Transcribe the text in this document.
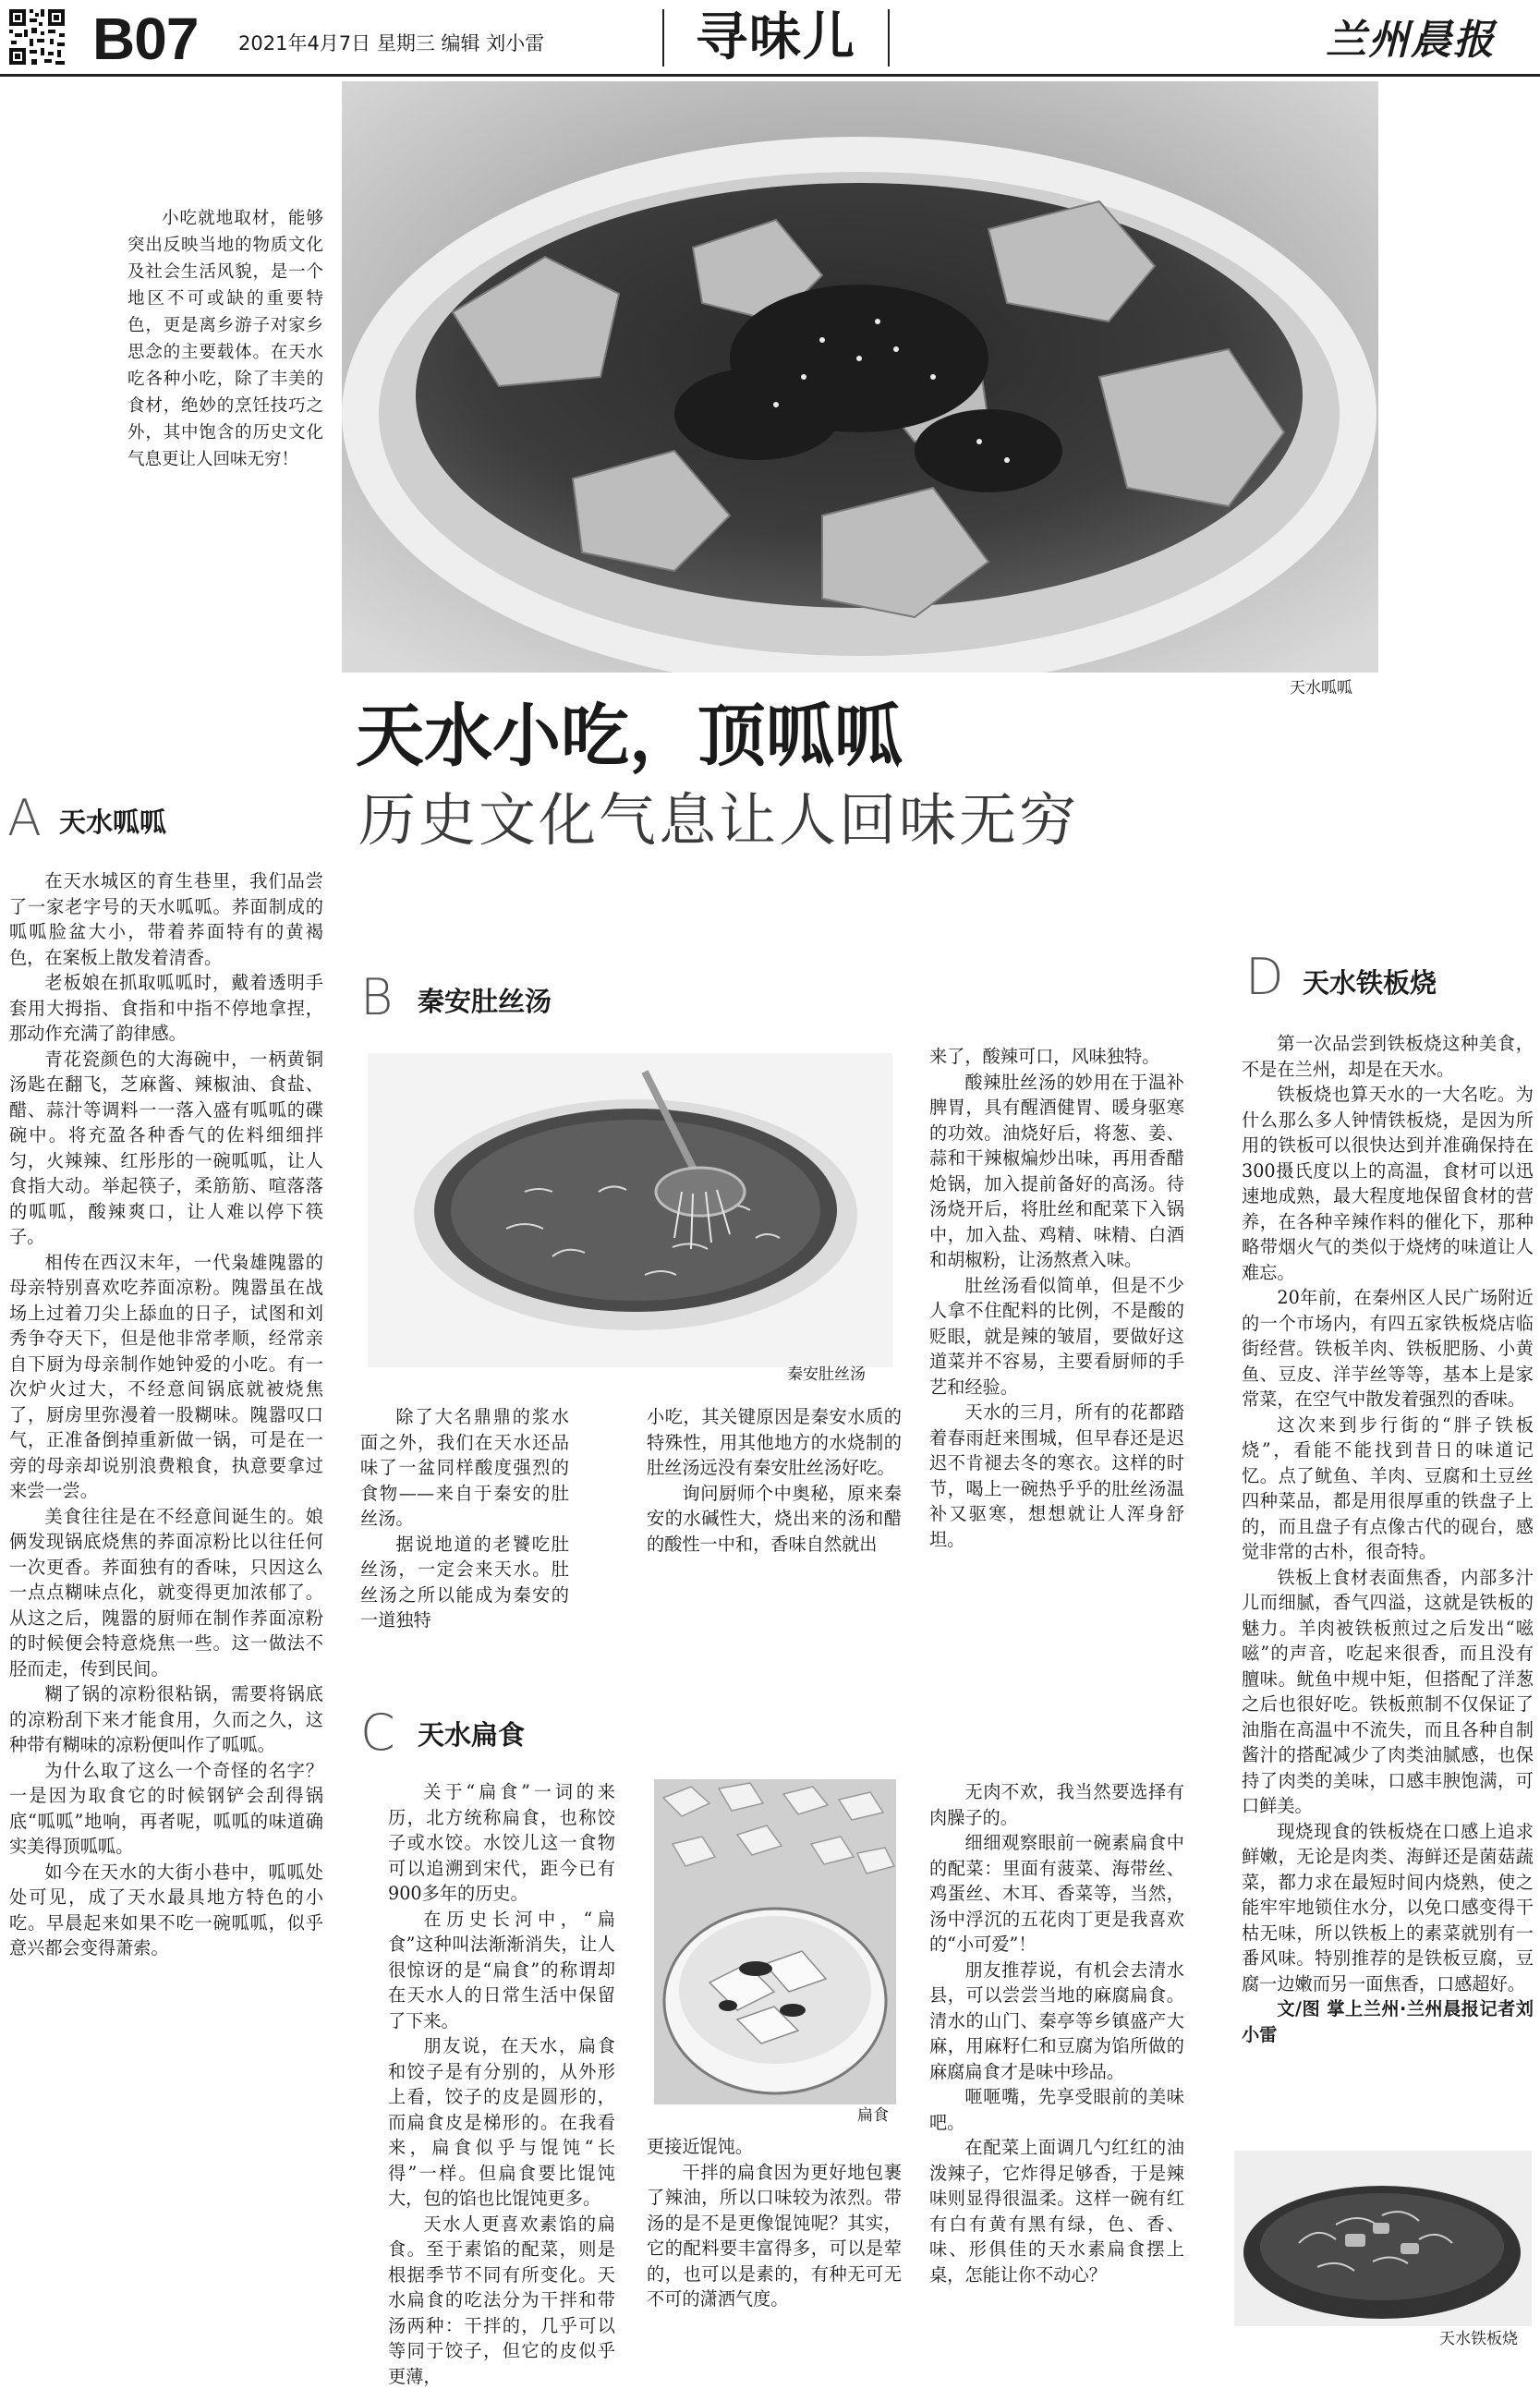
B07 2021年4月7日 星期三 编辑 刘小雷	寻味儿	兰州晨报

小吃就地取材，能够突出反映当地的物质文化及社会生活风貌，是一个地区不可或缺的重要特色，更是离乡游子对家乡思念的主要载体。在天水吃各种小吃，除了丰美的食材，绝妙的烹饪技巧之外，其中饱含的历史文化气息更让人回味无穷！

天水呱呱
天水小吃，顶呱呱
历史文化气息让人回味无穷
A 天水呱呱

在天水城区的育生巷里，我们品尝了一家老字号的天水呱呱。荞面制成的呱呱脸盆大小，带着荞面特有的黄褐色，在案板上散发着清香。

老板娘在抓取呱呱时，戴着透明手套用大拇指、食指和中指不停地拿捏，那动作充满了韵律感。

青花瓷颜色的大海碗中，一柄黄铜汤匙在翻飞，芝麻酱、辣椒油、食盐、醋、蒜汁等调料一一落入盛有呱呱的碟碗中。将充盈各种香气的佐料细细拌匀，火辣辣、红彤彤的一碗呱呱，让人食指大动。举起筷子，柔筋筋、喧落落的呱呱，酸辣爽口，让人难以停下筷子。

相传在西汉末年，一代枭雄隗嚣的母亲特别喜欢吃荞面凉粉。隗嚣虽在战场上过着刀尖上舔血的日子，试图和刘秀争夺天下，但是他非常孝顺，经常亲自下厨为母亲制作她钟爱的小吃。有一次炉火过大，不经意间锅底就被烧焦了，厨房里弥漫着一股糊味。隗嚣叹口气，正准备倒掉重新做一锅，可是在一旁的母亲却说别浪费粮食，执意要拿过来尝一尝。

美食往往是在不经意间诞生的。娘俩发现锅底烧焦的荞面凉粉比以往任何一次更香。荞面独有的香味，只因这么一点点糊味点化，就变得更加浓郁了。从这之后，隗嚣的厨师在制作荞面凉粉的时候便会特意烧焦一些。这一做法不胫而走，传到民间。

糊了锅的凉粉很粘锅，需要将锅底的凉粉刮下来才能食用，久而之久，这种带有糊味的凉粉便叫作了呱呱。

为什么取了这么一个奇怪的名字？一是因为取食它的时候钢铲会刮得锅底“呱呱”地响，再者呢，呱呱的味道确实美得顶呱呱。

如今在天水的大街小巷中，呱呱处处可见，成了天水最具地方特色的小吃。早晨起来如果不吃一碗呱呱，似乎意兴都会变得萧索。

B 秦安肚丝汤
秦安肚丝汤

除了大名鼎鼎的浆水面之外，我们在天水还品味了一盆同样酸度强烈的食物——来自于秦安的肚丝汤。

据说地道的老饕吃肚丝汤，一定会来天水。肚丝汤之所以能成为秦安的一道独特

小吃，其关键原因是秦安水质的特殊性，用其他地方的水烧制的肚丝汤远没有秦安肚丝汤好吃。

询问厨师个中奥秘，原来秦安的水碱性大，烧出来的汤和醋的酸性一中和，香味自然就出

来了，酸辣可口，风味独特。

酸辣肚丝汤的妙用在于温补脾胃，具有醒酒健胃、暖身驱寒的功效。油烧好后，将葱、姜、蒜和干辣椒煸炒出味，再用香醋炝锅，加入提前备好的高汤。待汤烧开后，将肚丝和配菜下入锅中，加入盐、鸡精、味精、白酒和胡椒粉，让汤熬煮入味。

肚丝汤看似简单，但是不少人拿不住配料的比例，不是酸的贬眼，就是辣的皱眉，要做好这道菜并不容易，主要看厨师的手艺和经验。

天水的三月，所有的花都踏着春雨赶来围城，但早春还是迟迟不肯褪去冬的寒衣。这样的时节，喝上一碗热乎乎的肚丝汤温补又驱寒，想想就让人浑身舒坦。

C 天水扁食

关于“扁食”一词的来历，北方统称扁食，也称饺子或水饺。水饺儿这一食物可以追溯到宋代，距今已有900多年的历史。

在历史长河中，“扁食”这种叫法渐渐消失，让人很惊讶的是“扁食”的称谓却在天水人的日常生活中保留了下来。

朋友说，在天水，扁食和饺子是有分别的，从外形上看，饺子的皮是圆形的，而扁食皮是梯形的。在我看来，扁食似乎与馄饨“长得”一样。但扁食要比馄饨大，包的馅也比馄饨更多。

天水人更喜欢素馅的扁食。至于素馅的配菜，则是根据季节不同有所变化。天水扁食的吃法分为干拌和带汤两种：干拌的，几乎可以等同于饺子，但它的皮似乎更薄，

扁食

更接近馄饨。

干拌的扁食因为更好地包裹了辣油，所以口味较为浓烈。带汤的是不是更像馄饨呢？其实，它的配料要丰富得多，可以是荤的，也可以是素的，有种无可无不可的潇洒气度。

无肉不欢，我当然要选择有肉臊子的。

细细观察眼前一碗素扁食中的配菜：里面有菠菜、海带丝、鸡蛋丝、木耳、香菜等，当然，汤中浮沉的五花肉丁更是我喜欢的“小可爱”！

朋友推荐说，有机会去清水县，可以尝尝当地的麻腐扁食。清水的山门、秦亭等乡镇盛产大麻，用麻籽仁和豆腐为馅所做的麻腐扁食才是味中珍品。

咂咂嘴，先享受眼前的美味吧。

在配菜上面调几勺红红的油泼辣子，它炸得足够香，于是辣味则显得很温柔。这样一碗有红有白有黄有黑有绿，色、香、味、形俱佳的天水素扁食摆上桌，怎能让你不动心？

D 天水铁板烧

第一次品尝到铁板烧这种美食，不是在兰州，却是在天水。

铁板烧也算天水的一大名吃。为什么那么多人钟情铁板烧，是因为所用的铁板可以很快达到并准确保持在300摄氏度以上的高温，食材可以迅速地成熟，最大程度地保留食材的营养，在各种辛辣作料的催化下，那种略带烟火气的类似于烧烤的味道让人难忘。

20年前，在秦州区人民广场附近的一个市场内，有四五家铁板烧店临街经营。铁板羊肉、铁板肥肠、小黄鱼、豆皮、洋芋丝等等，基本上是家常菜，在空气中散发着强烈的香味。

这次来到步行街的“胖子铁板烧”，看能不能找到昔日的味道记忆。点了鱿鱼、羊肉、豆腐和土豆丝四种菜品，都是用很厚重的铁盘子上的，而且盘子有点像古代的砚台，感觉非常的古朴，很奇特。

铁板上食材表面焦香，内部多汁儿而细腻，香气四溢，这就是铁板的魅力。羊肉被铁板煎过之后发出“嗞嗞”的声音，吃起来很香，而且没有膻味。鱿鱼中规中矩，但搭配了洋葱之后也很好吃。铁板煎制不仅保证了油脂在高温中不流失，而且各种自制酱汁的搭配减少了肉类油腻感，也保持了肉类的美味，口感丰腴饱满，可口鲜美。

现烧现食的铁板烧在口感上追求鲜嫩，无论是肉类、海鲜还是菌菇蔬菜，都力求在最短时间内烧熟，使之能牢牢地锁住水分，以免口感变得干枯无味，所以铁板上的素菜就别有一番风味。特别推荐的是铁板豆腐，豆腐一边嫩而另一面焦香，口感超好。

文/图 掌上兰州·兰州晨报记者刘小雷

天水铁板烧
